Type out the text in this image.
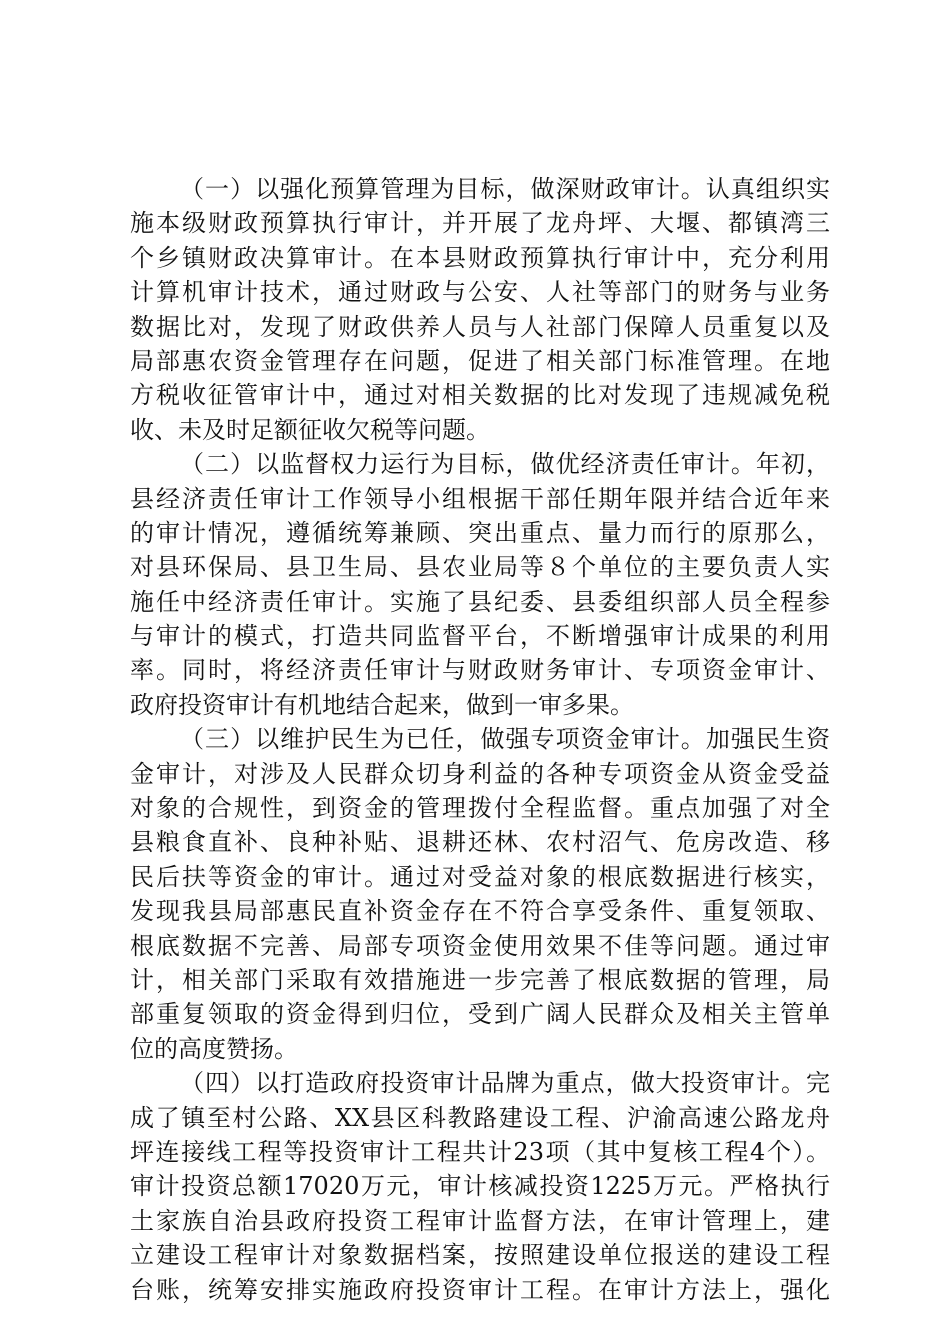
（一）以强化预算管理为目标，做深财政审计。认真组织实
施本级财政预算执行审计，并开展了龙舟坪、大堰、都镇湾三
个乡镇财政决算审计。在本县财政预算执行审计中，充分利用
计算机审计技术，通过财政与公安、人社等部门的财务与业务
数据比对，发现了财政供养人员与人社部门保障人员重复以及
局部惠农资金管理存在问题，促进了相关部门标准管理。在地
方税收征管审计中，通过对相关数据的比对发现了违规减免税
收、未及时足额征收欠税等问题。
（二）以监督权力运行为目标，做优经济责任审计。年初，
县经济责任审计工作领导小组根据干部任期年限并结合近年来
的审计情况，遵循统筹兼顾、突出重点、量力而行的原那么，
对县环保局、县卫生局、县农业局等８个单位的主要负责人实
施任中经济责任审计。实施了县纪委、县委组织部人员全程参
与审计的模式，打造共同监督平台，不断增强审计成果的利用
率。同时，将经济责任审计与财政财务审计、专项资金审计、
政府投资审计有机地结合起来，做到一审多果。
（三）以维护民生为已任，做强专项资金审计。加强民生资
金审计，对涉及人民群众切身利益的各种专项资金从资金受益
对象的合规性，到资金的管理拨付全程监督。重点加强了对全
县粮食直补、良种补贴、退耕还林、农村沼气、危房改造、移
民后扶等资金的审计。通过对受益对象的根底数据进行核实，
发现我县局部惠民直补资金存在不符合享受条件、重复领取、
根底数据不完善、局部专项资金使用效果不佳等问题。通过审
计，相关部门采取有效措施进一步完善了根底数据的管理，局
部重复领取的资金得到归位，受到广阔人民群众及相关主管单
位的高度赞扬。
（四）以打造政府投资审计品牌为重点，做大投资审计。完
成了镇至村公路、XX县区科教路建设工程、沪渝高速公路龙舟
坪连接线工程等投资审计工程共计23项（其中复核工程4个）。
审计投资总额17020万元，审计核减投资1225万元。严格执行
土家族自治县政府投资工程审计监督方法，在审计管理上，建
立建设工程审计对象数据档案，按照建设单位报送的建设工程
台账，统筹安排实施政府投资审计工程。在审计方法上，强化
